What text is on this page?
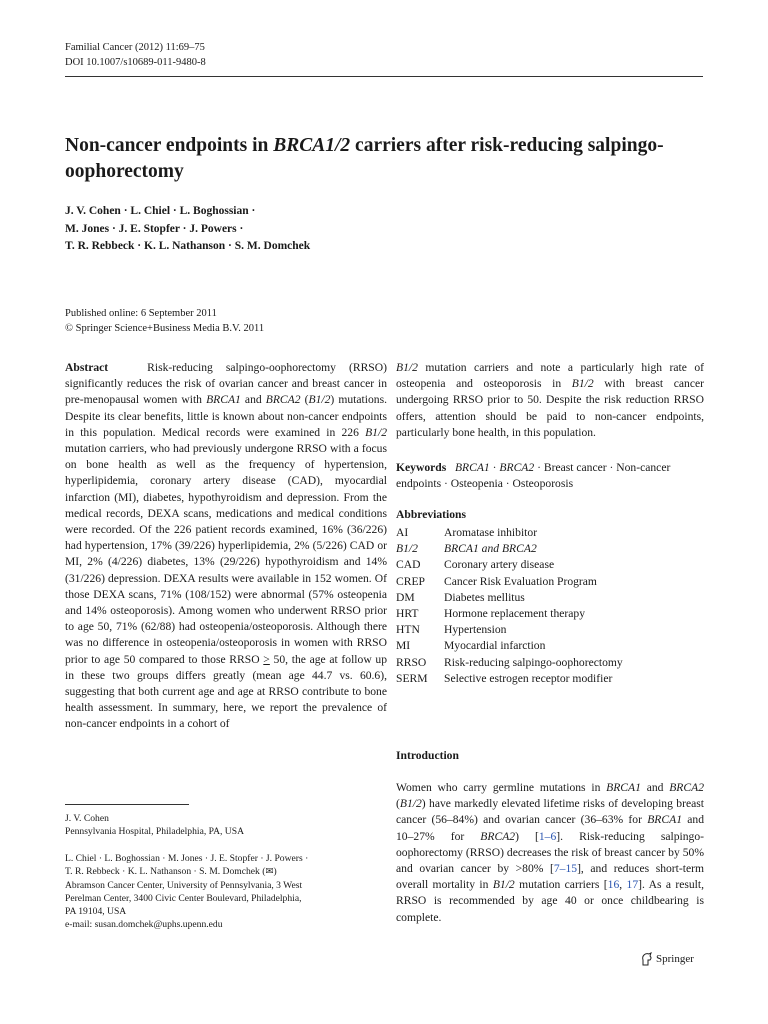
Familial Cancer (2012) 11:69–75
DOI 10.1007/s10689-011-9480-8
Non-cancer endpoints in BRCA1/2 carriers after risk-reducing salpingo-oophorectomy
J. V. Cohen · L. Chiel · L. Boghossian ·
M. Jones · J. E. Stopfer · J. Powers ·
T. R. Rebbeck · K. L. Nathanson · S. M. Domchek
Published online: 6 September 2011
© Springer Science+Business Media B.V. 2011

Abstract	Risk-reducing salpingo-oophorectomy (RRSO) significantly reduces the risk of ovarian cancer and breast cancer in pre-menopausal women with BRCA1 and BRCA2 (B1/2) mutations. Despite its clear benefits, little is known about non-cancer endpoints in this population. Medical records were examined in 226 B1/2 mutation carriers, who had previously undergone RRSO with a focus on bone health as well as the frequency of hypertension, hyperlipidemia, coronary artery disease (CAD), myocardial infarction (MI), diabetes, hypothyroidism and depression. From the medical records, DEXA scans, medications and medical conditions were recorded. Of the 226 patient records examined, 16% (36/226) had hypertension, 17% (39/226) hyperlipidemia, 2% (5/226) CAD or MI, 2% (4/226) diabetes, 13% (29/226) hypothyroidism and 14% (31/226) depression. DEXA results were available in 152 women. Of those DEXA scans, 71% (108/152) were abnormal (57% osteopenia and 14% osteoporosis). Among women who underwent RRSO prior to age 50, 71% (62/88) had osteopenia/osteoporosis. Although there was no difference in osteopenia/osteoporosis in women with RRSO prior to age 50 compared to those RRSO ≥ 50, the age at follow up in these two groups differs greatly (mean age 44.7 vs. 60.6), suggesting that both current age and age at RRSO contribute to bone health assessment. In summary, here, we report the prevalence of non-cancer endpoints in a cohort of

B1/2 mutation carriers and note a particularly high rate of osteopenia and osteoporosis in B1/2 with breast cancer undergoing RRSO prior to 50. Despite the risk reduction RRSO offers, attention should be paid to non-cancer endpoints, particularly bone health, in this population.

Keywords BRCA1 · BRCA2 · Breast cancer · Non-cancer endpoints · Osteopenia · Osteoporosis
Abbreviations
AI	Aromatase inhibitor
B1/2	BRCA1 and BRCA2
CAD	Coronary artery disease
CREP	Cancer Risk Evaluation Program
DM	Diabetes mellitus
HRT	Hormone replacement therapy
HTN	Hypertension
MI	Myocardial infarction
RRSO	Risk-reducing salpingo-oophorectomy
SERM	Selective estrogen receptor modifier
Introduction
Women who carry germline mutations in BRCA1 and BRCA2 (B1/2) have markedly elevated lifetime risks of developing breast cancer (56–84%) and ovarian cancer (36–63% for BRCA1 and 10–27% for BRCA2) [1–6]. Risk-reducing salpingo-oophorectomy (RRSO) decreases the risk of breast cancer by 50% and ovarian cancer by >80% [7–15], and reduces short-term overall mortality in B1/2 mutation carriers [16, 17]. As a result, RRSO is recommended by age 40 or once childbearing is complete.
J. V. Cohen
Pennsylvania Hospital, Philadelphia, PA, USA
L. Chiel · L. Boghossian · M. Jones · J. E. Stopfer · J. Powers ·
T. R. Rebbeck · K. L. Nathanson · S. M. Domchek (✉)
Abramson Cancer Center, University of Pennsylvania, 3 West
Perelman Center, 3400 Civic Center Boulevard, Philadelphia,
PA 19104, USA
e-mail: susan.domchek@uphs.upenn.edu
Springer
